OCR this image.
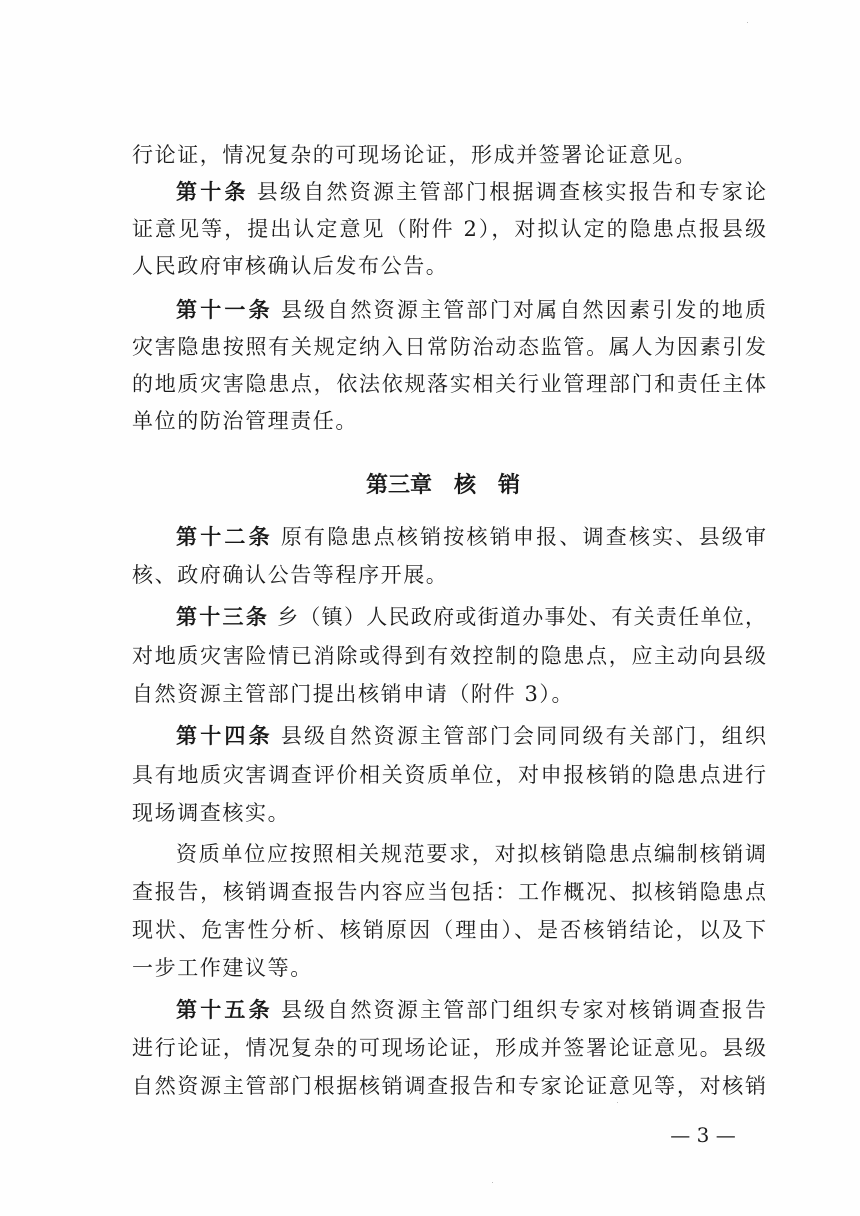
行论证，情况复杂的可现场论证，形成并签署论证意见。
第十条 县级自然资源主管部门根据调查核实报告和专家论
证意见等，提出认定意见（附件 2），对拟认定的隐患点报县级
人民政府审核确认后发布公告。
第十一条 县级自然资源主管部门对属自然因素引发的地质
灾害隐患按照有关规定纳入日常防治动态监管。属人为因素引发
的地质灾害隐患点，依法依规落实相关行业管理部门和责任主体
单位的防治管理责任。
第三章　核　销
第十二条 原有隐患点核销按核销申报、调查核实、县级审
核、政府确认公告等程序开展。
第十三条 乡（镇）人民政府或街道办事处、有关责任单位，
对地质灾害险情已消除或得到有效控制的隐患点，应主动向县级
自然资源主管部门提出核销申请（附件 3）。
第十四条 县级自然资源主管部门会同同级有关部门，组织
具有地质灾害调查评价相关资质单位，对申报核销的隐患点进行
现场调查核实。
资质单位应按照相关规范要求，对拟核销隐患点编制核销调
查报告，核销调查报告内容应当包括：工作概况、拟核销隐患点
现状、危害性分析、核销原因（理由）、是否核销结论，以及下
一步工作建议等。
第十五条 县级自然资源主管部门组织专家对核销调查报告
进行论证，情况复杂的可现场论证，形成并签署论证意见。县级
自然资源主管部门根据核销调查报告和专家论证意见等，对核销
— 3 —
